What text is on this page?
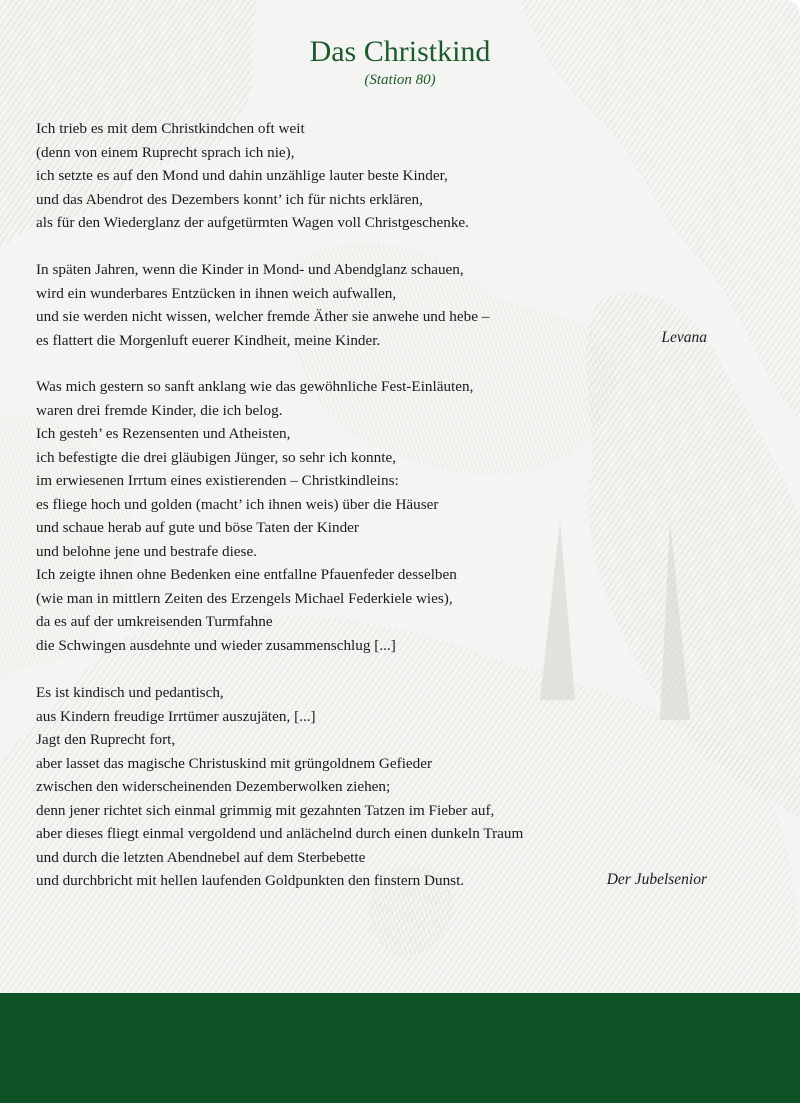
Das Christkind
(Station 80)
Ich trieb es mit dem Christkindchen oft weit
(denn von einem Ruprecht sprach ich nie),
ich setzte es auf den Mond und dahin unzählige lauter beste Kinder,
und das Abendrot des Dezembers konnt’ ich für nichts erklären,
als für den Wiederglanz der aufgetürmten Wagen voll Christgeschenke.
In späten Jahren, wenn die Kinder in Mond- und Abendglanz schauen,
wird ein wunderbares Entzücken in ihnen weich aufwallen,
und sie werden nicht wissen, welcher fremde Äther sie anwehe und hebe –
es flattert die Morgenluft euerer Kindheit, meine Kinder.	Levana
Was mich gestern so sanft anklang wie das gewöhnliche Fest-Einläuten,
waren drei fremde Kinder, die ich belog.
Ich gesteh’ es Rezensenten und Atheisten,
ich befestigte die drei gläubigen Jünger, so sehr ich konnte,
im erwiesenen Irrtum eines existierenden – Christkindleins:
es fliege hoch und golden (macht’ ich ihnen weis) über die Häuser
und schaue herab auf gute und böse Taten der Kinder
und belohne jene und bestrafe diese.
Ich zeigte ihnen ohne Bedenken eine entfallne Pfauenfeder desselben
(wie man in mittlern Zeiten des Erzengels Michael Federkiele wies),
da es auf der umkreisenden Turmfahne
die Schwingen ausdehnte und wieder zusammenschlug [...]
Es ist kindisch und pedantisch,
aus Kindern freudige Irrtümer auszujäten, [...]
Jagt den Ruprecht fort,
aber lasset das magische Christuskind mit grüngoldnem Gefieder
zwischen den widerscheinenden Dezemberwolken ziehen;
denn jener richtet sich einmal grimmig mit gezahnten Tatzen im Fieber auf,
aber dieses fliegt einmal vergoldend und anlächelnd durch einen dunkeln Traum
und durch die letzten Abendnebel auf dem Sterbebette
und durchbricht mit hellen laufenden Goldpunkten den finstern Dunst.	Der Jubelsenior
